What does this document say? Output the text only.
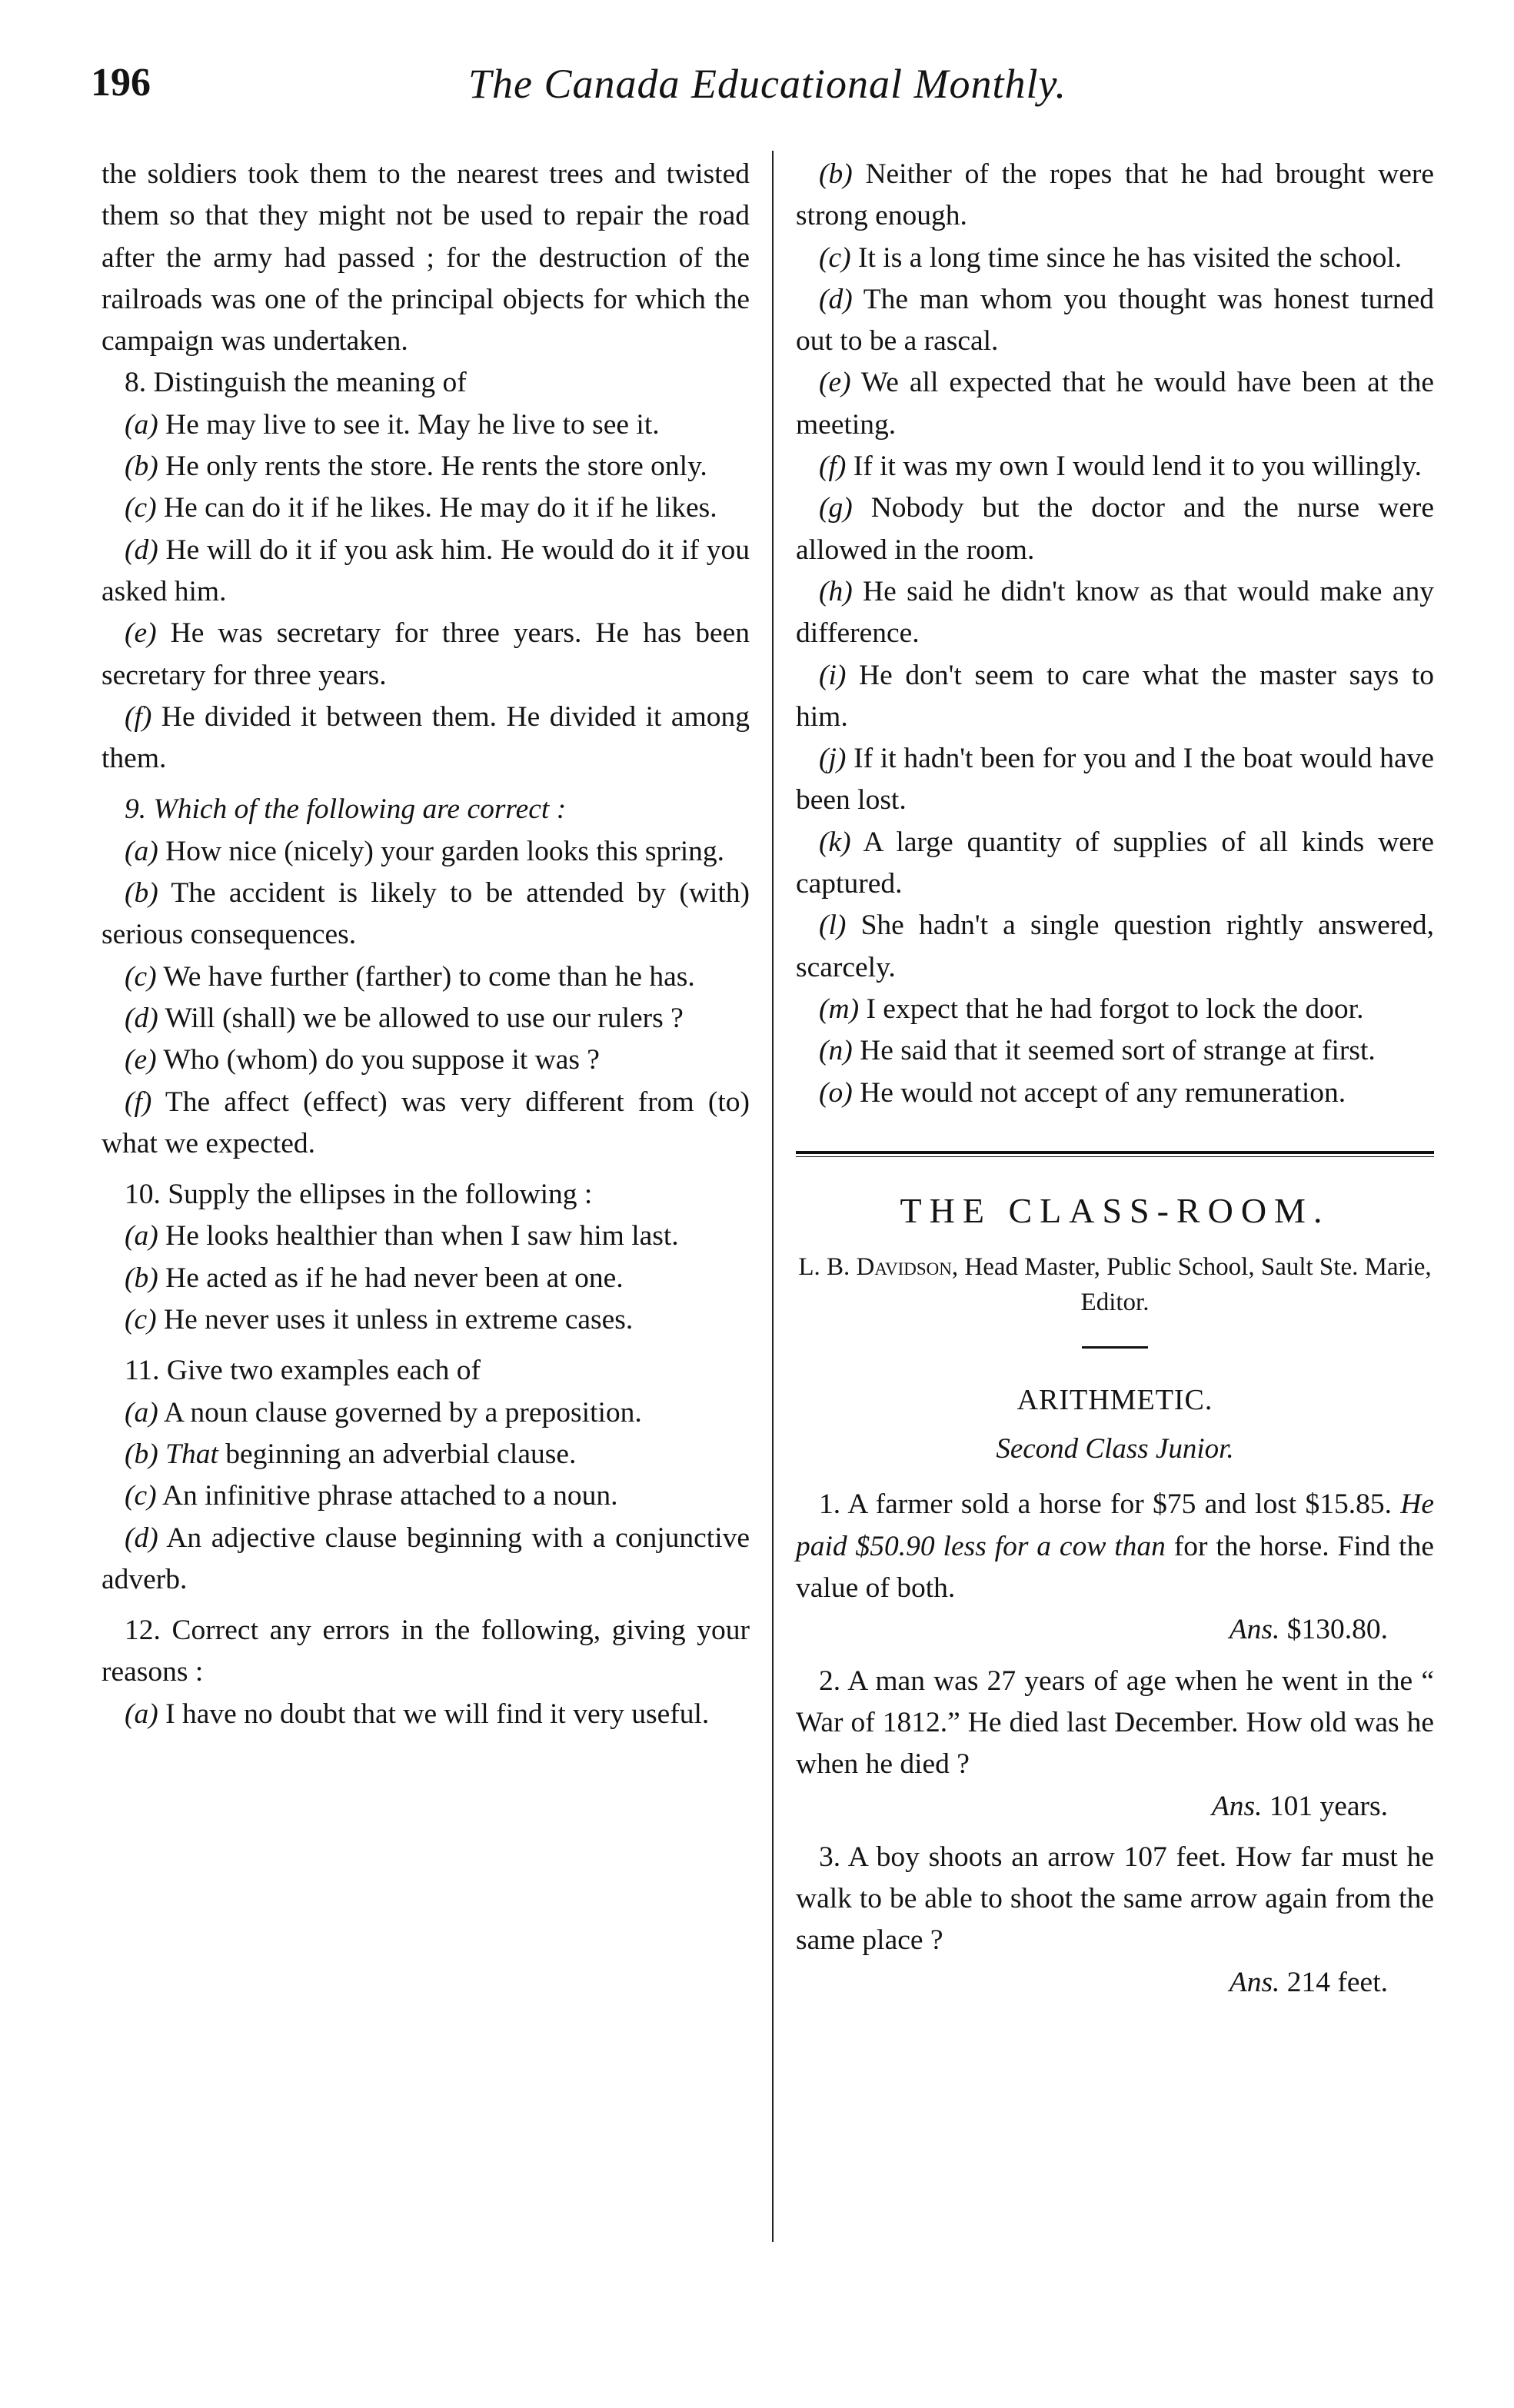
196	The Canada Educational Monthly.

the soldiers took them to the nearest trees and twisted them so that they might not be used to repair the road after the army had passed ; for the destruction of the railroads was one of the principal objects for which the campaign was undertaken.

8. Distinguish the meaning of

(a) He may live to see it. May he live to see it.

(b) He only rents the store. He rents the store only.

(c) He can do it if he likes. He may do it if he likes.

(d) He will do it if you ask him. He would do it if you asked him.

(e) He was secretary for three years. He has been secretary for three years.

(f) He divided it between them. He divided it among them.

9. Which of the following are correct :

(a) How nice (nicely) your garden looks this spring.

(b) The accident is likely to be attended by (with) serious consequences.

(c) We have further (farther) to come than he has.

(d) Will (shall) we be allowed to use our rulers ?

(e) Who (whom) do you suppose it was ?

(f) The affect (effect) was very different from (to) what we expected.

10. Supply the ellipses in the following :

(a) He looks healthier than when I saw him last.

(b) He acted as if he had never been at one.

(c) He never uses it unless in extreme cases.

11. Give two examples each of

(a) A noun clause governed by a preposition.

(b) That beginning an adverbial clause.

(c) An infinitive phrase attached to a noun.

(d) An adjective clause beginning with a conjunctive adverb.

12. Correct any errors in the following, giving your reasons :

(a) I have no doubt that we will find it very useful.

(b) Neither of the ropes that he had brought were strong enough.

(c) It is a long time since he has visited the school.

(d) The man whom you thought was honest turned out to be a rascal.

(e) We all expected that he would have been at the meeting.

(f) If it was my own I would lend it to you willingly.

(g) Nobody but the doctor and the nurse were allowed in the room.

(h) He said he didn't know as that would make any difference.

(i) He don't seem to care what the master says to him.

(j) If it hadn't been for you and I the boat would have been lost.

(k) A large quantity of supplies of all kinds were captured.

(l) She hadn't a single question rightly answered, scarcely.

(m) I expect that he had forgot to lock the door.

(n) He said that it seemed sort of strange at first.

(o) He would not accept of any remuneration.

THE CLASS-ROOM.

L. B. Davidson, Head Master, Public School, Sault Ste. Marie, Editor.

ARITHMETIC.

Second Class Junior.

1. A farmer sold a horse for $75 and lost $15.85. He paid $50.90 less for a cow than for the horse. Find the value of both.

Ans. $130.80.

2. A man was 27 years of age when he went in the “ War of 1812.” He died last December. How old was he when he died ?

Ans. 101 years.

3. A boy shoots an arrow 107 feet. How far must he walk to be able to shoot the same arrow again from the same place ?

Ans. 214 feet.
